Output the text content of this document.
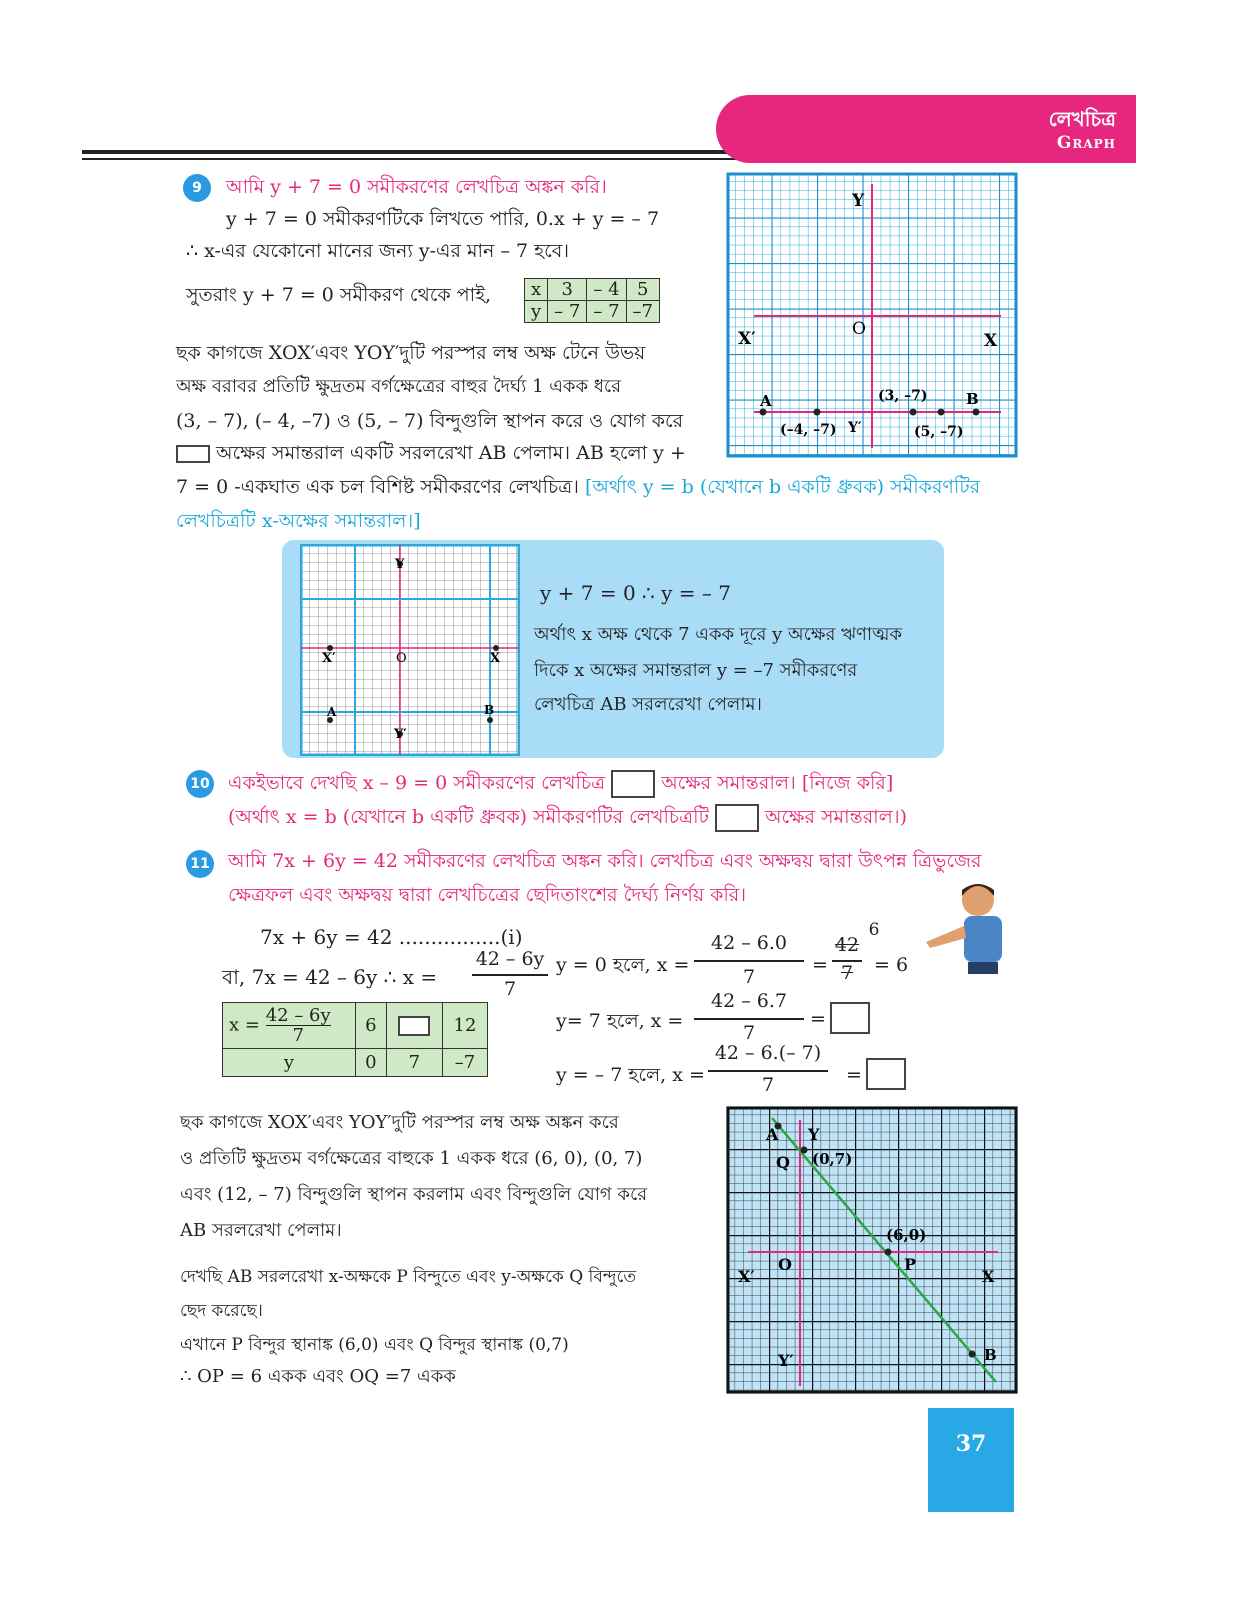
লেখচিত্র
Graph
9	আমি y + 7 = 0 সমীকরণের লেখচিত্র অঙ্কন করি।
y + 7 = 0 সমীকরণটিকে লিখতে পারি, 0.x + y = – 7
∴ x-এর যেকোনো মানের জন্য y-এর মান – 7 হবে।
সুতরাং y + 7 = 0 সমীকরণ থেকে পাই, x	3	– 4	5
y	– 7	– 7	–7
ছক কাগজে XOX′এবং YOY′দুটি পরস্পর লম্ব অক্ষ টেনে উভয়
অক্ষ বরাবর প্রতিটি ক্ষুদ্রতম বর্গক্ষেত্রের বাহুর দৈর্ঘ্য 1 একক ধরে
(3, – 7), (– 4, –7) ও (5, – 7) বিন্দুগুলি স্থাপন করে ও যোগ করে
অক্ষের সমান্তরাল একটি সরলরেখা AB পেলাম। AB হলো y +
7 = 0 -একঘাত এক চল বিশিষ্ট সমীকরণের লেখচিত্র। [অর্থাৎ y = b (যেখানে b একটি ধ্রুবক) সমীকরণটির
লেখচিত্রটি x-অক্ষের সমান্তরাল।]
Y
X′	O
X
A	B
(3, –7)
(–4, –7)	(5, –7)
Y′
Y
X′	O	X
A	B
Y′
y + 7 = 0 ∴ y = – 7
অর্থাৎ x অক্ষ থেকে 7 একক দূরে y অক্ষের ঋণাত্মক
দিকে x অক্ষের সমান্তরাল y = –7 সমীকরণের
লেখচিত্র AB সরলরেখা পেলাম।
10 একইভাবে দেখছি x – 9 = 0 সমীকরণের লেখচিত্র	অক্ষের সমান্তরাল। [নিজে করি]
(অর্থাৎ x = b (যেখানে b একটি ধ্রুবক) সমীকরণটির লেখচিত্রটি	অক্ষের সমান্তরাল।)
11 আমি 7x + 6y = 42 সমীকরণের লেখচিত্র অঙ্কন করি। লেখচিত্র এবং অক্ষদ্বয় দ্বারা উৎপন্ন ত্রিভুজের
ক্ষেত্রফল এবং অক্ষদ্বয় দ্বারা লেখচিত্রের ছেদিতাংশের দৈর্ঘ্য নির্ণয় করি।
7x + 6y = 42 ................(i)
বা, 7x = 42 – 6y ∴ x =
42 – 6y
7
y = 0 হলে, x =
42 – 6.0
7
=
42
7
6
= 6
y= 7 হলে, x =
42 – 6.7
7
=
y = – 7 হলে, x =
42 – 6.(– 7)
7	=
$x = \frac{42 - 6y}{7}$	6		12
y	0	7	–7
ছক কাগজে XOX′এবং YOY′দুটি পরস্পর লম্ব অক্ষ অঙ্কন করে
ও প্রতিটি ক্ষুদ্রতম বর্গক্ষেত্রের বাহুকে 1 একক ধরে (6, 0), (0, 7)
এবং (12, – 7) বিন্দুগুলি স্থাপন করলাম এবং বিন্দুগুলি যোগ করে
AB সরলরেখা পেলাম।
দেখছি AB সরলরেখা x-অক্ষকে P বিন্দুতে এবং y-অক্ষকে Q বিন্দুতে
ছেদ করেছে।
এখানে P বিন্দুর স্থানাঙ্ক (6,0) এবং Q বিন্দুর স্থানাঙ্ক (0,7)
∴ OP = 6 একক এবং OQ =7 একক
A Y
Q (0,7)
(6,0)
P
O
X′	X
Y′	B
37
